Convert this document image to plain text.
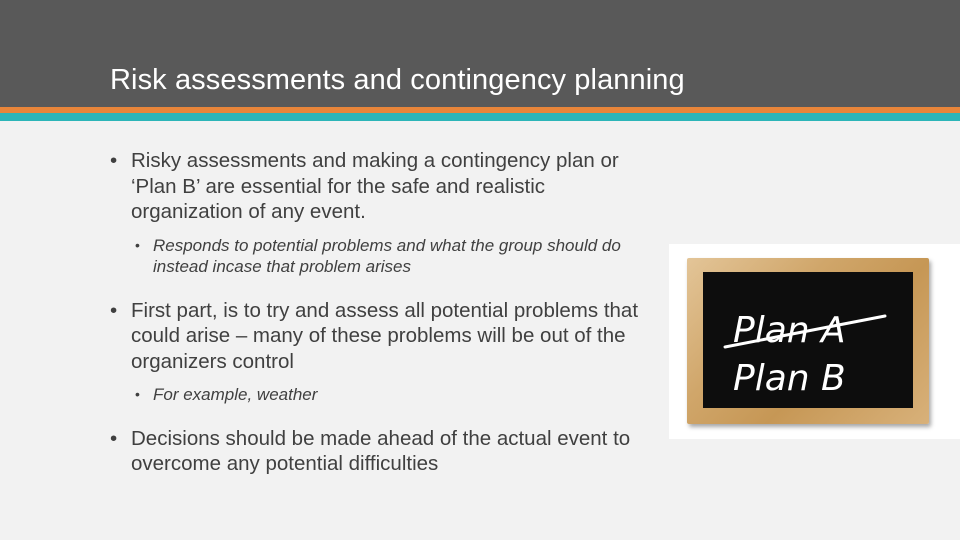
Risk assessments and contingency planning

• Risky assessments and making a contingency plan or ‘Plan B’ are essential for the safe and realistic organization of any event.

• Responds to potential problems and what the group should do instead incase that problem arises

• First part, is to try and assess all potential problems that could arise – many of these problems will be out of the organizers control

• For example, weather

• Decisions should be made ahead of the actual event to overcome any potential difficulties

Plan A
Plan B
